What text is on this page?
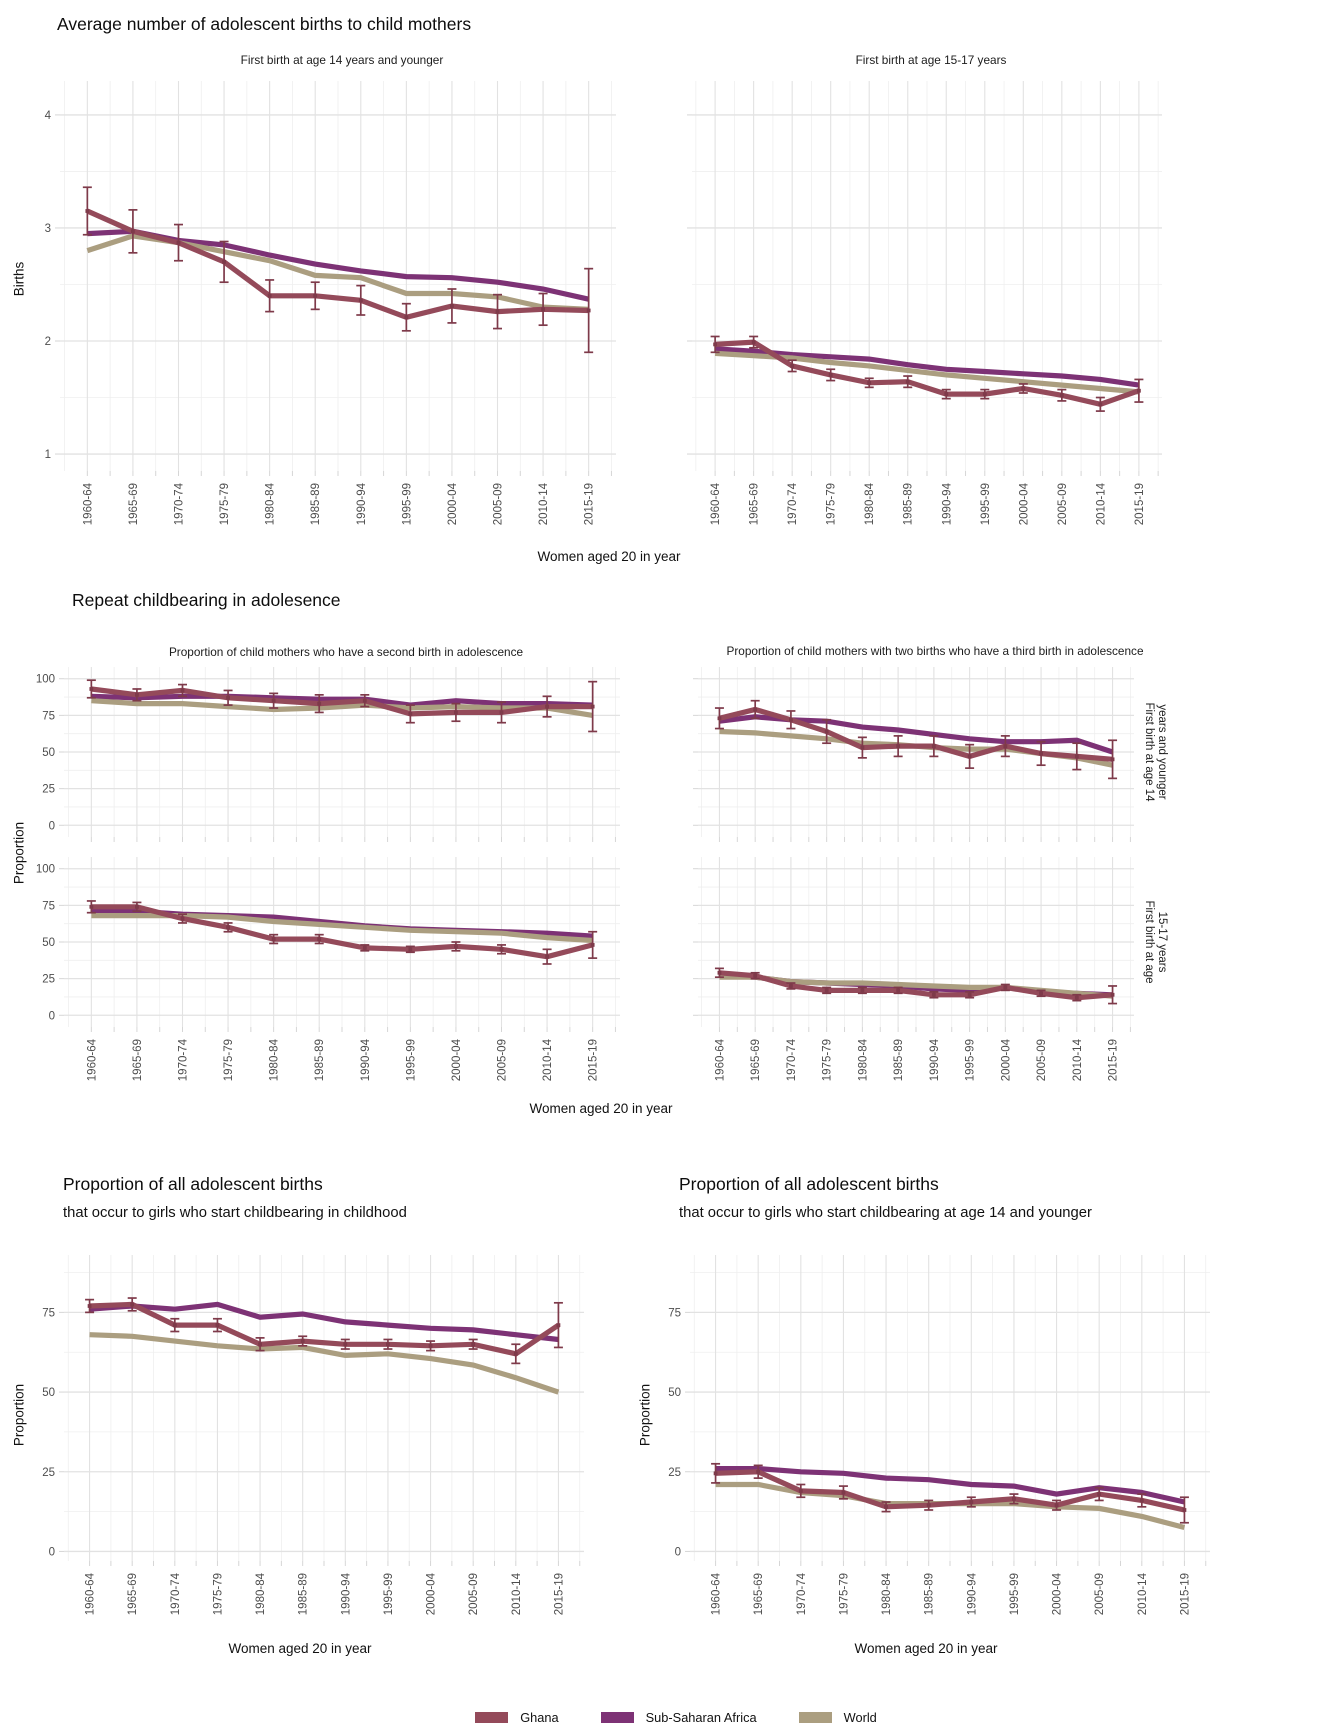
Average number of adolescent births to child mothers
Births
First birth at age 14 years and younger
1
2
3
4
1960-64	1965-69	1970-74	1975-79	1980-84	1985-89	1990-94	1995-99	2000-04	2005-09	2010-14	2015-19
First birth at age 15-17 years
1960-64 1965-69 1970-74 1975-79 1980-84 1985-89 1990-94 1995-99 2000-04 2005-09 2010-14 2015-19
Women aged 20 in year
Repeat childbearing in adolesence
Proportion
Proportion of child mothers who have a second birth in adolescence
0
25
50
75
100
0
25
50
75
100
1960-64	1965-69	1970-74	1975-79	1980-84	1985-89	1990-94	1995-99	2000-04	2005-09	2010-14	2015-19
Proportion of child mothers with two births who have a third birth in adolescence
First birth at age 14 years and younger
First birth at age 15-17 years
1960-64 1965-69 1970-74 1975-79 1980-84 1985-89 1990-94 1995-99 2000-04 2005-09 2010-14 2015-19
Women aged 20 in year
Proportion of all adolescent births
that occur to girls who start childbearing in childhood
Proportion
0
25
50
75
1960-64	1965-69	1970-74	1975-79	1980-84	1985-89	1990-94	1995-99	2000-04	2005-09	2010-14	2015-19
Women aged 20 in year
Proportion of all adolescent births
that occur to girls who start childbearing at age 14 and younger
Proportion
0
25
50
75
1960-64	1965-69	1970-74	1975-79	1980-84	1985-89	1990-94	1995-99	2000-04	2005-09	2010-14	2015-19
Women aged 20 in year
Ghana	Sub-Saharan Africa	World
